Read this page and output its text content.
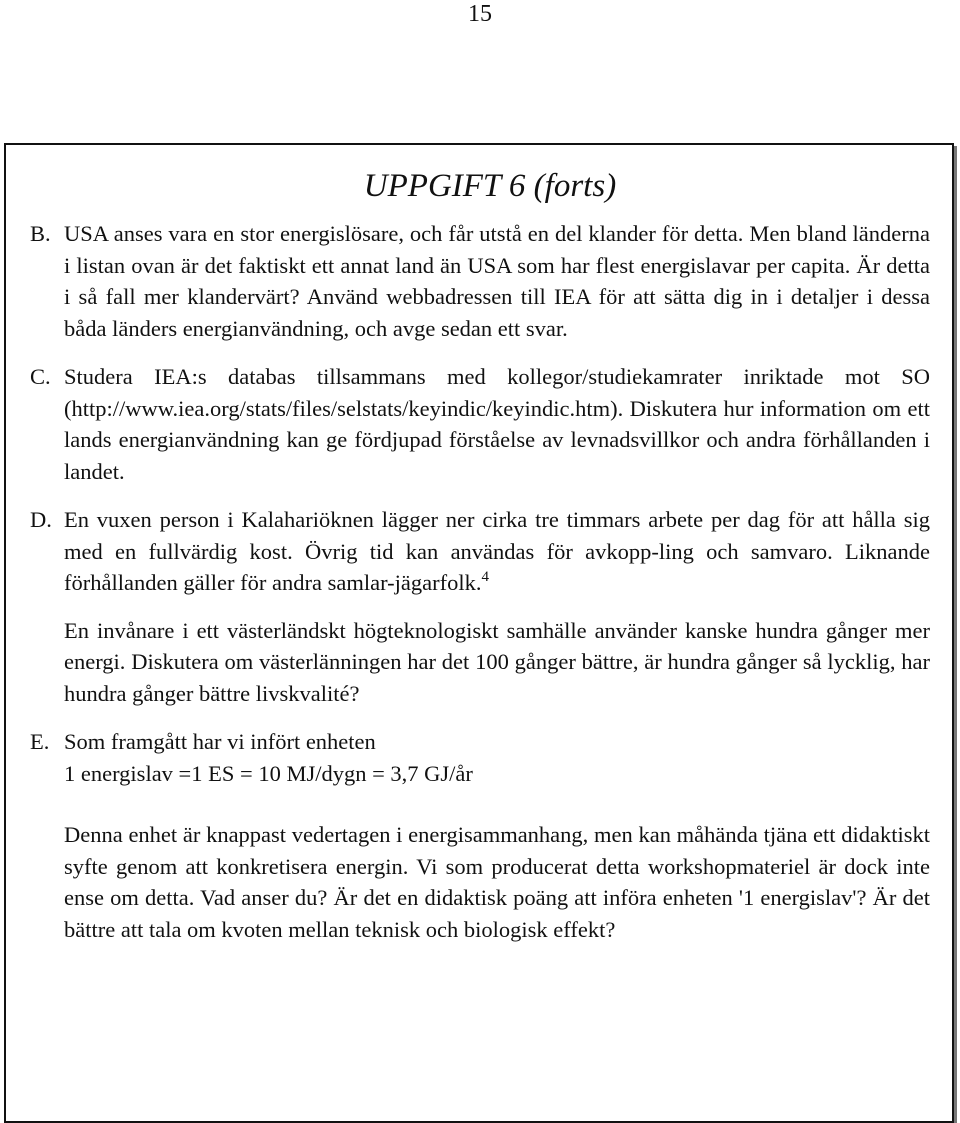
15
UPPGIFT 6 (forts)
B. USA anses vara en stor energislösare, och får utstå en del klander för detta. Men bland länderna i listan ovan är det faktiskt ett annat land än USA som har flest energislavar per capita. Är detta i så fall mer klandervärt? Använd webbadressen till IEA för att sätta dig in i detaljer i dessa båda länders energianvändning, och avge sedan ett svar.

C. Studera IEA:s databas tillsammans med kollegor/studiekamrater inriktade mot SO (http://www.iea.org/stats/files/selstats/keyindic/keyindic.htm). Diskutera hur information om ett lands energianvändning kan ge fördjupad förståelse av levnadsvillkor och andra förhållanden i landet.

D. En vuxen person i Kalahariöknen lägger ner cirka tre timmars arbete per dag för att hålla sig med en fullvärdig kost. Övrig tid kan användas för avkopp-ling och samvaro. Liknande förhållanden gäller för andra samlar-jägarfolk.$^4$

En invånare i ett västerländskt högteknologiskt samhälle använder kanske hundra gånger mer energi. Diskutera om västerlänningen har det 100 gånger bättre, är hundra gånger så lycklig, har hundra gånger bättre livskvalité?

E. Som framgått har vi infört enheten

1 energislav =1 ES = 10 MJ/dygn = 3,7 GJ/år

Denna enhet är knappast vedertagen i energisammanhang, men kan måhända tjäna ett didaktiskt syfte genom att konkretisera energin. Vi som producerat detta workshopmateriel är dock inte ense om detta. Vad anser du? Är det en didaktisk poäng att införa enheten '1 energislav'? Är det bättre att tala om kvoten mellan teknisk och biologisk effekt?
